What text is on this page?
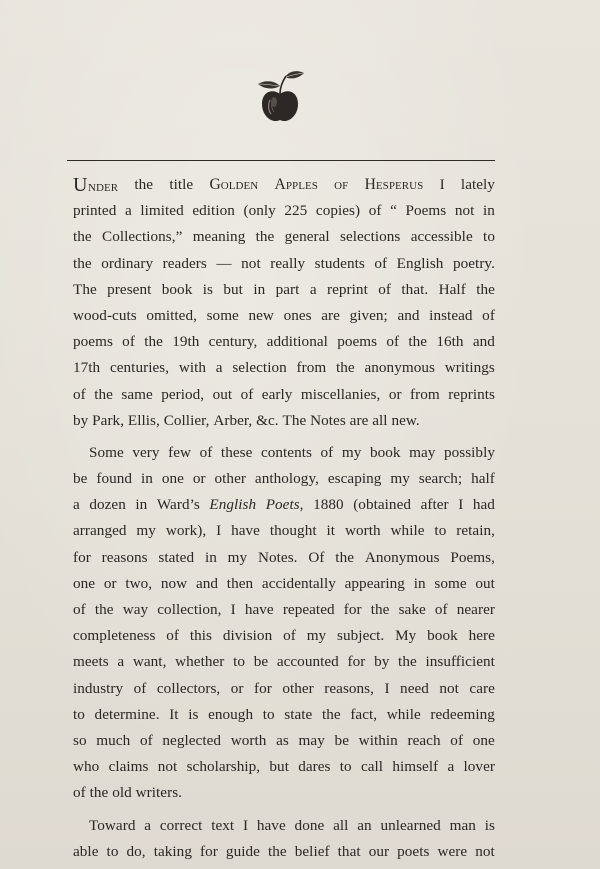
Under the title Golden Apples of Hesperus I lately
printed a limited edition (only 225 copies) of “ Poems not in
the Collections,” meaning the general selections accessible to
the ordinary readers — not really students of English poetry.
The present book is but in part a reprint of that. Half the
wood-cuts omitted, some new ones are given; and instead of
poems of the 19th century, additional poems of the 16th and
17th centuries, with a selection from the anonymous writings
of the same period, out of early miscellanies, or from reprints
by
Park,
Ellis,
Collier,
Arber,
&c.
The
Notes
are
all
new.
Some very few of these contents of my book may possibly
be found in one or other anthology, escaping my search; half
a dozen in Ward’s English Poets, 1880 (obtained after I had
arranged my work), I have thought it worth while to retain,
for reasons stated in my Notes. Of the Anonymous Poems,
one or two, now and then accidentally appearing in some out
of the way collection, I have repeated for the sake of nearer
completeness of this division of my subject. My book here
meets a want, whether to be accounted for by the insufficient
industry of collectors, or for other reasons, I need not care
to determine. It is enough to state the fact, while redeeming
so much of neglected worth as may be within reach of one
who claims not scholarship, but dares to call himself a lover
of
the
old
writers.
Toward a correct text I have done all an unlearned man is
able to do, taking for guide the belief that our poets were not
